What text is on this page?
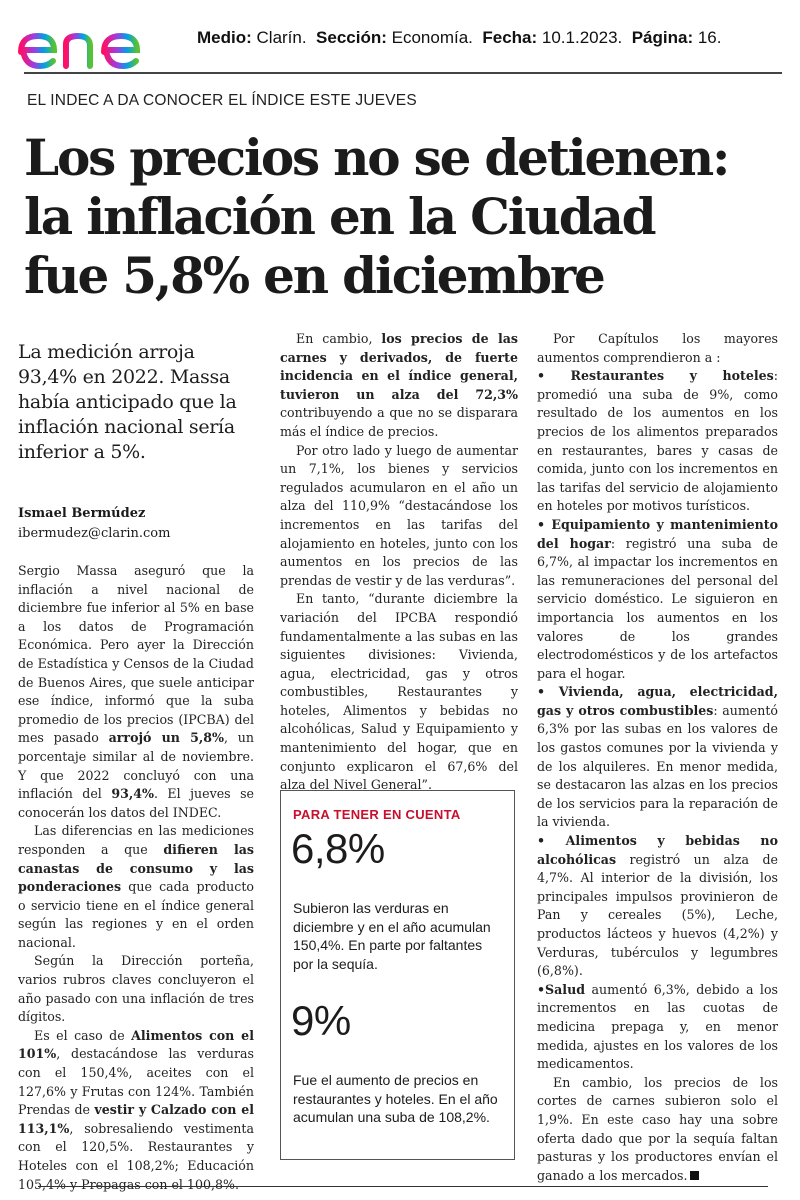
Medio: Clarín. Sección: Economía. Fecha: 10.1.2023. Página: 16.
EL INDEC A DA CONOCER EL ÍNDICE ESTE JUEVES
Los precios no se detienen:
la inflación en la Ciudad
fue 5,8% en diciembre
La medición arroja 93,4% en 2022. Massa había anticipado que la inflación nacional sería inferior a 5%.
Ismael Bermúdez
ibermudez@clarin.com

Sergio Massa aseguró que la inflación a nivel nacional de diciembre fue inferior al 5% en base a los datos de Programación Económica. Pero ayer la Dirección de Estadística y Censos de la Ciudad de Buenos Aires, que suele anticipar ese índice, informó que la suba promedio de los precios (IPCBA) del mes pasado arrojó un 5,8%, un porcentaje similar al de noviembre. Y que 2022 concluyó con una inflación del 93,4%. El jueves se conocerán los datos del INDEC.

Las diferencias en las mediciones responden a que difieren las canastas de consumo y las ponderaciones que cada producto o servicio tiene en el índice general según las regiones y en el orden nacional.

Según la Dirección porteña, varios rubros claves concluyeron el año pasado con una inflación de tres dígitos.

Es el caso de Alimentos con el 101%, destacándose las verduras con el 150,4%, aceites con el 127,6% y Frutas con 124%. También Prendas de vestir y Calzado con el 113,1%, sobresaliendo vestimenta con el 120,5%. Restaurantes y Hoteles con el 108,2%; Educación 105,4% y Prepagas con el 100,8%.

En cambio, los precios de las carnes y derivados, de fuerte incidencia en el índice general, tuvieron un alza del 72,3% contribuyendo a que no se disparara más el índice de precios.

Por otro lado y luego de aumentar un 7,1%, los bienes y servicios regulados acumularon en el año un alza del 110,9% “destacándose los incrementos en las tarifas del alojamiento en hoteles, junto con los aumentos en los precios de las prendas de vestir y de las verduras”.

En tanto, “durante diciembre la variación del IPCBA respondió fundamentalmente a las subas en las siguientes divisiones: Vivienda, agua, electricidad, gas y otros combustibles, Restaurantes y hoteles, Alimentos y bebidas no alcohólicas, Salud y Equipamiento y mantenimiento del hogar, que en conjunto explicaron el 67,6% del alza del Nivel General”.

PARA TENER EN CUENTA
6,8%
Subieron las verduras en diciembre y en el año acumulan 150,4%. En parte por faltantes por la sequía.
9%
Fue el aumento de precios en restaurantes y hoteles. En el año acumulan una suba de 108,2%.

Por Capítulos los mayores aumentos comprendieron a :

• Restaurantes y hoteles: promedió una suba de 9%, como resultado de los aumentos en los precios de los alimentos preparados en restaurantes, bares y casas de comida, junto con los incrementos en las tarifas del servicio de alojamiento en hoteles por motivos turísticos.

• Equipamiento y mantenimiento del hogar: registró una suba de 6,7%, al impactar los incrementos en las remuneraciones del personal del servicio doméstico. Le siguieron en importancia los aumentos en los valores de los grandes electrodomésticos y de los artefactos para el hogar.

• Vivienda, agua, electricidad, gas y otros combustibles: aumentó 6,3% por las subas en los valores de los gastos comunes por la vivienda y de los alquileres. En menor medida, se destacaron las alzas en los precios de los servicios para la reparación de la vivienda.

• Alimentos y bebidas no alcohólicas registró un alza de 4,7%. Al interior de la división, los principales impulsos provinieron de Pan y cereales (5%), Leche, productos lácteos y huevos (4,2%) y Verduras, tubérculos y legumbres (6,8%).

•Salud aumentó 6,3%, debido a los incrementos en las cuotas de medicina prepaga y, en menor medida, ajustes en los valores de los medicamentos.

En cambio, los precios de los cortes de carnes subieron solo el 1,9%. En este caso hay una sobre oferta dado que por la sequía faltan pasturas y los productores envían el ganado a los mercados.
